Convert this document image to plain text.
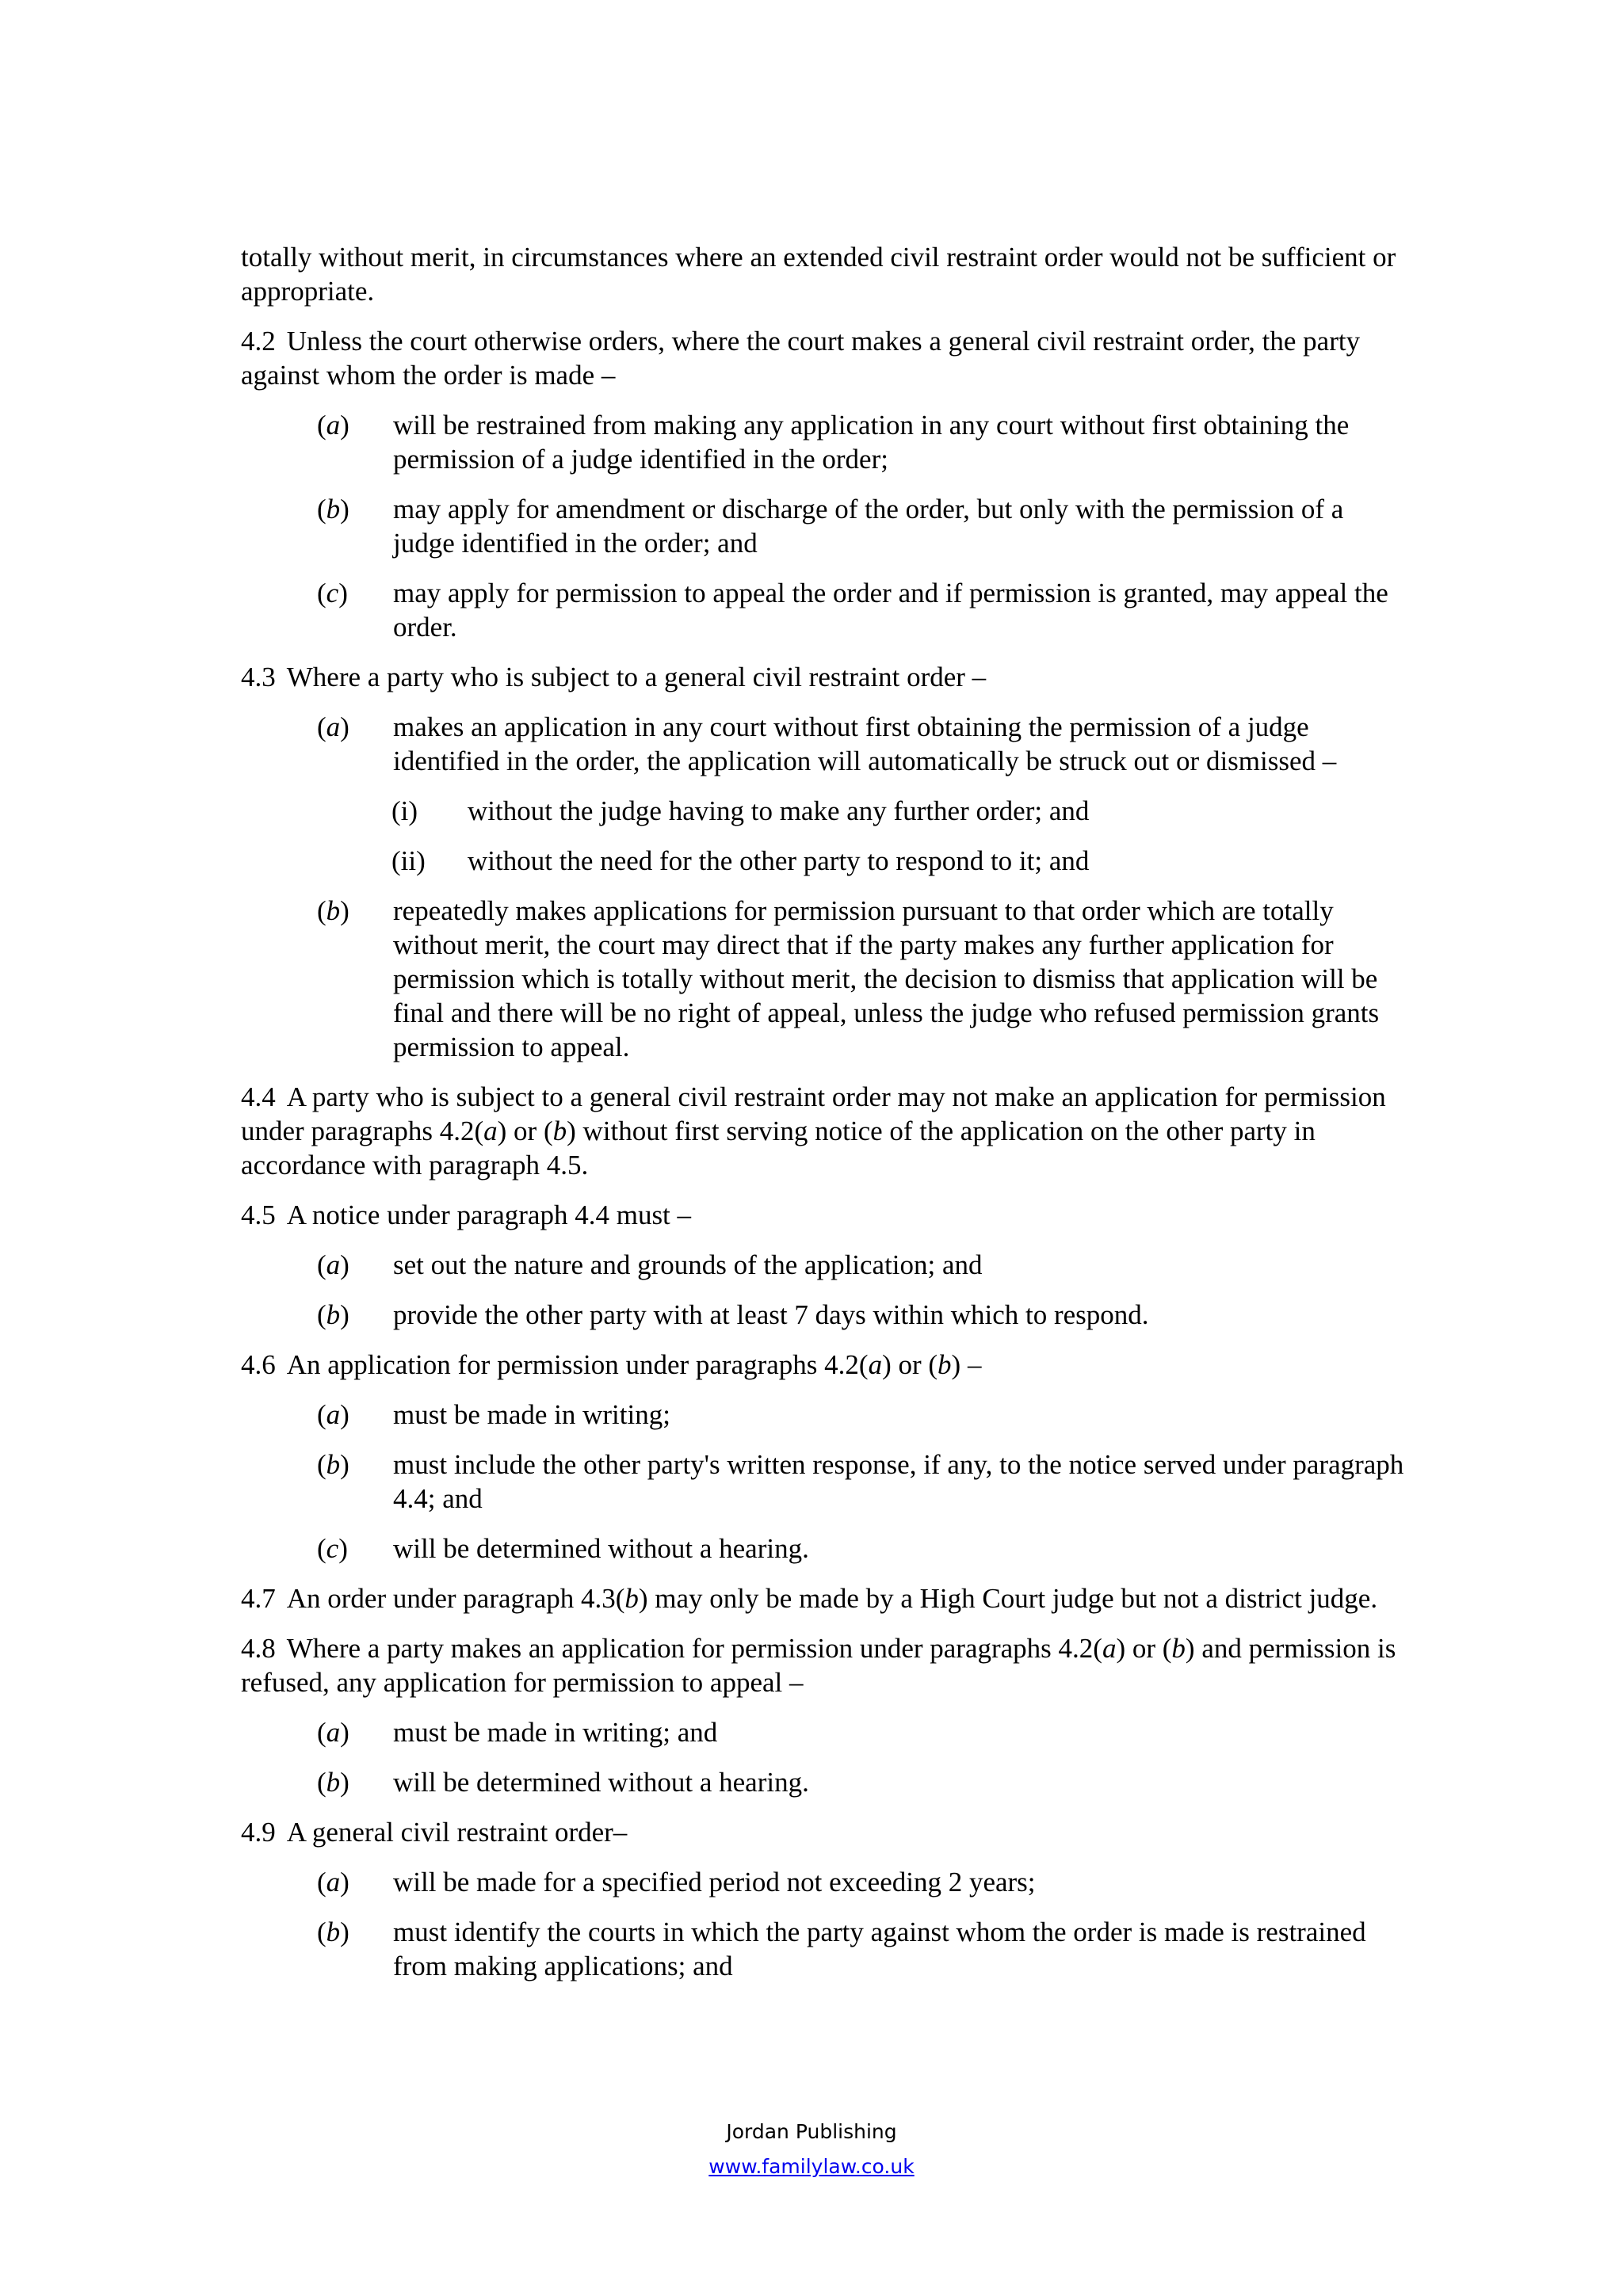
totally without merit, in circumstances where an extended civil restraint order would not be sufficient or appropriate.

4.2 Unless the court otherwise orders, where the court makes a general civil restraint order, the party against whom the order is made –

(a)	will be restrained from making any application in any court without first obtaining the permission of a judge identified in the order;
(b)	may apply for amendment or discharge of the order, but only with the permission of a judge identified in the order; and
(c)	may apply for permission to appeal the order and if permission is granted, may appeal the order.

4.3 Where a party who is subject to a general civil restraint order –

(a)	makes an application in any court without first obtaining the permission of a judge identified in the order, the application will automatically be struck out or dismissed –
(i)	without the judge having to make any further order; and
(ii)	without the need for the other party to respond to it; and
(b)	repeatedly makes applications for permission pursuant to that order which are totally without merit, the court may direct that if the party makes any further application for permission which is totally without merit, the decision to dismiss that application will be final and there will be no right of appeal, unless the judge who refused permission grants permission to appeal.

4.4 A party who is subject to a general civil restraint order may not make an application for permission under paragraphs 4.2(a) or (b) without first serving notice of the application on the other party in accordance with paragraph 4.5.

4.5 A notice under paragraph 4.4 must –

(a)	set out the nature and grounds of the application; and
(b)	provide the other party with at least 7 days within which to respond.

4.6 An application for permission under paragraphs 4.2(a) or (b) –

(a)	must be made in writing;
(b)	must include the other party's written response, if any, to the notice served under paragraph 4.4; and
(c)	will be determined without a hearing.

4.7 An order under paragraph 4.3(b) may only be made by a High Court judge but not a district judge.

4.8 Where a party makes an application for permission under paragraphs 4.2(a) or (b) and permission is refused, any application for permission to appeal –

(a)	must be made in writing; and
(b)	will be determined without a hearing.

4.9 A general civil restraint order–

(a)	will be made for a specified period not exceeding 2 years;
(b)	must identify the courts in which the party against whom the order is made is restrained from making applications; and
Jordan Publishing
www.familylaw.co.uk
